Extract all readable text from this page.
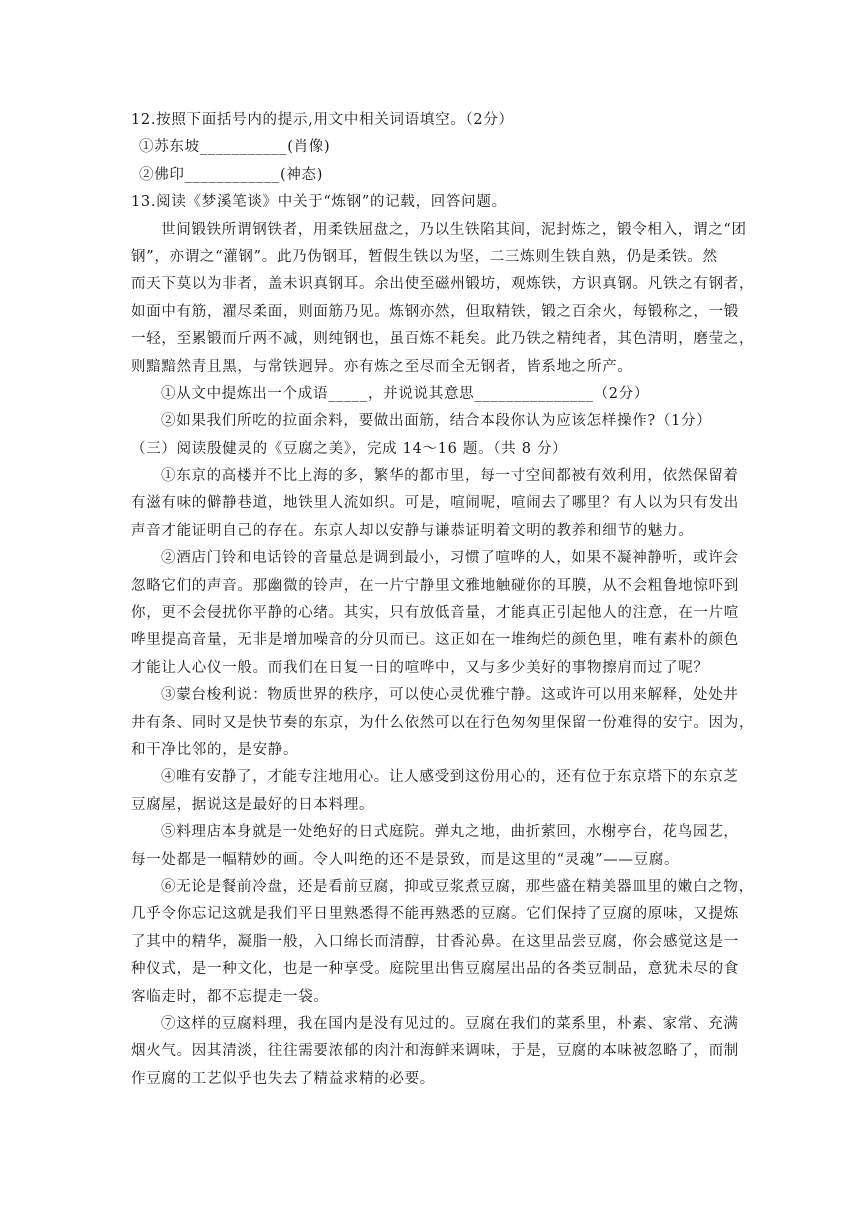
12.按照下面括号内的提示,用文中相关词语填空。（2分）
①苏东坡___________(肖像)
②佛印____________(神态)
13.阅读《梦溪笔谈》中关于“炼钢”的记载，回答问题。
世间锻铁所谓钢铁者，用柔铁屈盘之，乃以生铁陷其间，泥封炼之，锻令相入，谓之“团
钢”，亦谓之“灌钢”。此乃伪钢耳，暂假生铁以为坚，二三炼则生铁自熟，仍是柔铁。然
而天下莫以为非者，盖未识真钢耳。余出使至磁州锻坊，观炼铁，方识真钢。凡铁之有钢者，
如面中有筋，濯尽柔面，则面筋乃见。炼钢亦然，但取精铁，锻之百余火，每锻称之，一锻
一轻，至累锻而斤两不减，则纯钢也，虽百炼不耗矣。此乃铁之精纯者，其色清明，磨莹之，
则黯黯然青且黑，与常铁迥异。亦有炼之至尽而全无钢者，皆系地之所产。
①从文中提炼出一个成语_____，并说说其意思_______________（2分）
②如果我们所吃的拉面余料，要做出面筋，结合本段你认为应该怎样操作?（1分）
（三）阅读殷健灵的《豆腐之美》，完成 14～16 题。（共 8 分）
①东京的高楼并不比上海的多，繁华的都市里，每一寸空间都被有效利用，依然保留着
有滋有味的僻静巷道，地铁里人流如织。可是，喧闹呢，喧闹去了哪里？有人以为只有发出
声音才能证明自己的存在。东京人却以安静与谦恭证明着文明的教养和细节的魅力。
②酒店门铃和电话铃的音量总是调到最小，习惯了喧哗的人，如果不凝神静听，或许会
忽略它们的声音。那幽微的铃声，在一片宁静里文雅地触碰你的耳膜，从不会粗鲁地惊吓到
你，更不会侵扰你平静的心绪。其实，只有放低音量，才能真正引起他人的注意，在一片喧
哗里提高音量，无非是增加噪音的分贝而已。这正如在一堆绚烂的颜色里，唯有素朴的颜色
才能让人心仪一般。而我们在日复一日的喧哗中，又与多少美好的事物擦肩而过了呢？
③蒙台梭利说：物质世界的秩序，可以使心灵优雅宁静。这或许可以用来解释，处处井
井有条、同时又是快节奏的东京，为什么依然可以在行色匆匆里保留一份难得的安宁。因为，
和干净比邻的，是安静。
④唯有安静了，才能专注地用心。让人感受到这份用心的，还有位于东京塔下的东京芝
豆腐屋，据说这是最好的日本料理。
⑤料理店本身就是一处绝好的日式庭院。弹丸之地，曲折萦回，水榭亭台，花鸟园艺，
每一处都是一幅精妙的画。令人叫绝的还不是景致，而是这里的“灵魂”——豆腐。
⑥无论是餐前冷盘，还是看前豆腐，抑或豆浆煮豆腐，那些盛在精美器皿里的嫩白之物，
几乎令你忘记这就是我们平日里熟悉得不能再熟悉的豆腐。它们保持了豆腐的原味，又提炼
了其中的精华，凝脂一般，入口绵长而清醇，甘香沁鼻。在这里品尝豆腐，你会感觉这是一
种仪式，是一种文化，也是一种享受。庭院里出售豆腐屋出品的各类豆制品，意犹未尽的食
客临走时，都不忘提走一袋。
⑦这样的豆腐料理，我在国内是没有见过的。豆腐在我们的菜系里，朴素、家常、充满
烟火气。因其清淡，往往需要浓郁的肉汁和海鲜来调味，于是，豆腐的本味被忽略了，而制
作豆腐的工艺似乎也失去了精益求精的必要。
